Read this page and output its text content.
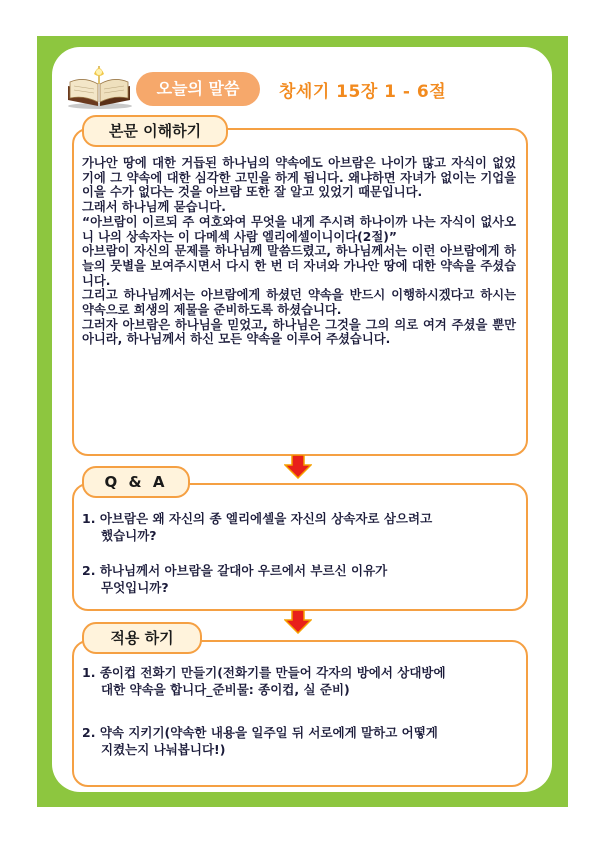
오늘의 말씀	창세기 15장 1 - 6절
본문 이해하기

가나안 땅에 대한 거듭된 하나님의 약속에도 아브람은 나이가 많고 자식이 없었기에 그 약속에 대한 심각한 고민을 하게 됩니다. 왜냐하면 자녀가 없이는 기업을 이을 수가 없다는 것을 아브람 또한 잘 알고 있었기 때문입니다.

그래서 하나님께 묻습니다.

“아브람이 이르되 주 여호와여 무엇을 내게 주시려 하나이까 나는 자식이 없사오니 나의 상속자는 이 다메섹 사람 엘리에셀이니이다(2절)”

아브람이 자신의 문제를 하나님께 말씀드렸고, 하나님께서는 이런 아브람에게 하늘의 뭇별을 보여주시면서 다시 한 번 더 자녀와 가나안 땅에 대한 약속을 주셨습니다.

그리고 하나님께서는 아브람에게 하셨던 약속을 반드시 이행하시겠다고 하시는 약속으로 희생의 제물을 준비하도록 하셨습니다.

그러자 아브람은 하나님을 믿었고, 하나님은 그것을 그의 의로 여겨 주셨을 뿐만 아니라, 하나님께서 하신 모든 약속을 이루어 주셨습니다.

Q & A
1. 아브람은 왜 자신의 종 엘리에셀을 자신의 상속자로 삼으려고
했습니까?
2. 하나님께서 아브람을 갈대아 우르에서 부르신 이유가
무엇입니까?
적용 하기
1. 종이컵 전화기 만들기(전화기를 만들어 각자의 방에서 상대방에
대한 약속을 합니다_준비물: 종이컵, 실 준비)
2. 약속 지키기(약속한 내용을 일주일 뒤 서로에게 말하고 어떻게
지켰는지 나눠봅니다!)
